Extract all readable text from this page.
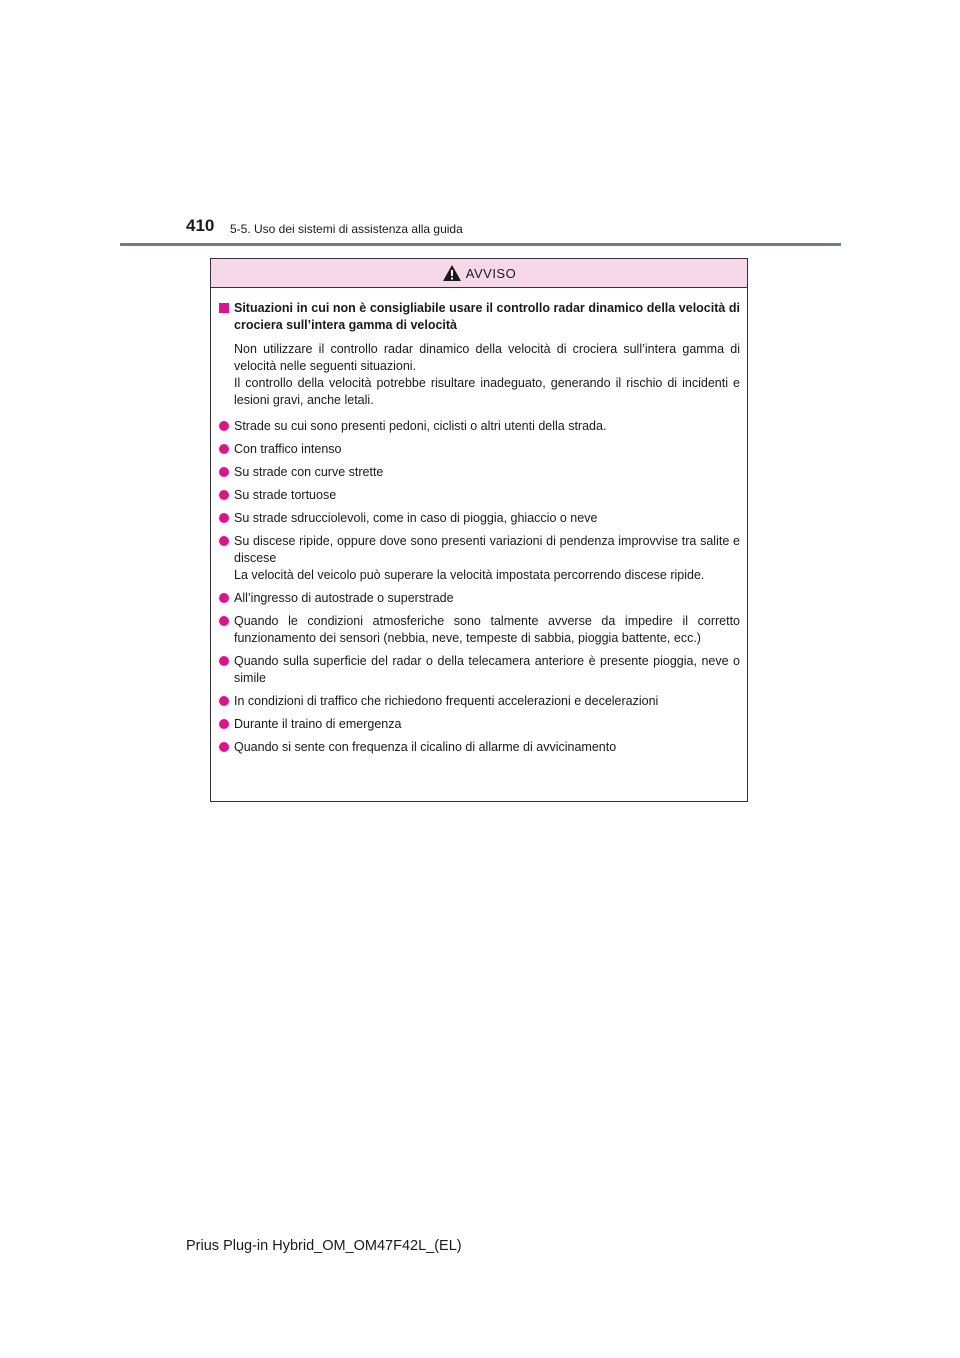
410 5-5. Uso dei sistemi di assistenza alla guida
AVVISO
Situazioni in cui non è consigliabile usare il controllo radar dinamico della velocità di crociera sull’intera gamma di velocità

Non utilizzare il controllo radar dinamico della velocità di crociera sull’intera gamma di velocità nelle seguenti situazioni.

Il controllo della velocità potrebbe risultare inadeguato, generando il rischio di incidenti e lesioni gravi, anche letali.

Strade su cui sono presenti pedoni, ciclisti o altri utenti della strada.
Con traffico intenso
Su strade con curve strette
Su strade tortuose
Su strade sdrucciolevoli, come in caso di pioggia, ghiaccio o neve
Su discese ripide, oppure dove sono presenti variazioni di pendenza improvvise tra salite e discese
La velocità del veicolo può superare la velocità impostata percorrendo discese ripide.
All’ingresso di autostrade o superstrade
Quando le condizioni atmosferiche sono talmente avverse da impedire il corretto funzionamento dei sensori (nebbia, neve, tempeste di sabbia, pioggia battente, ecc.)
Quando sulla superficie del radar o della telecamera anteriore è presente pioggia, neve o simile
In condizioni di traffico che richiedono frequenti accelerazioni e decelerazioni
Durante il traino di emergenza
Quando si sente con frequenza il cicalino di allarme di avvicinamento
Prius Plug-in Hybrid_OM_OM47F42L_(EL)
